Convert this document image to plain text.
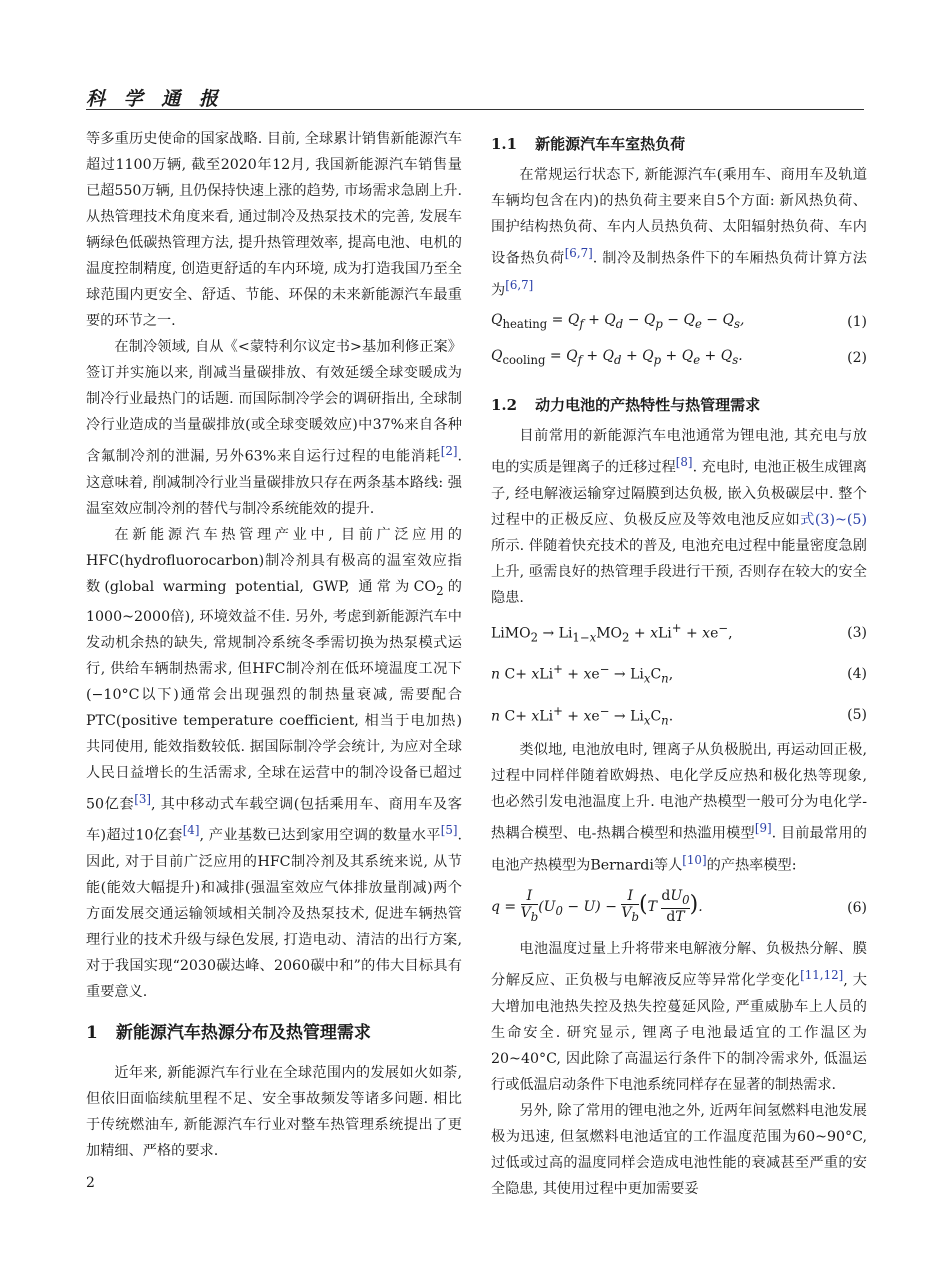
科 学 通 报

等多重历史使命的国家战略. 目前, 全球累计销售新能源汽车超过1100万辆, 截至2020年12月, 我国新能源汽车销售量已超550万辆, 且仍保持快速上涨的趋势, 市场需求急剧上升. 从热管理技术角度来看, 通过制冷及热泵技术的完善, 发展车辆绿色低碳热管理方法, 提升热管理效率, 提高电池、电机的温度控制精度, 创造更舒适的车内环境, 成为打造我国乃至全球范围内更安全、舒适、节能、环保的未来新能源汽车最重要的环节之一.

在制冷领域, 自从《<蒙特利尔议定书>基加利修正案》签订并实施以来, 削减当量碳排放、有效延缓全球变暖成为制冷行业最热门的话题. 而国际制冷学会的调研指出, 全球制冷行业造成的当量碳排放(或全球变暖效应)中37%来自各种含氟制冷剂的泄漏, 另外63%来自运行过程的电能消耗[2]. 这意味着, 削减制冷行业当量碳排放只存在两条基本路线: 强温室效应制冷剂的替代与制冷系统能效的提升.

在新能源汽车热管理产业中, 目前广泛应用的HFC(hydrofluorocarbon)制冷剂具有极高的温室效应指数(global warming potential, GWP, 通常为$CO_2$的1000~2000倍), 环境效益不佳. 另外, 考虑到新能源汽车中发动机余热的缺失, 常规制冷系统冬季需切换为热泵模式运行, 供给车辆制热需求, 但HFC制冷剂在低环境温度工况下(−10°C以下)通常会出现强烈的制热量衰减, 需要配合PTC(positive temperature coefficient, 相当于电加热)共同使用, 能效指数较低. 据国际制冷学会统计, 为应对全球人民日益增长的生活需求, 全球在运营中的制冷设备已超过50亿套[3], 其中移动式车载空调(包括乘用车、商用车及客车)超过10亿套[4], 产业基数已达到家用空调的数量水平[5]. 因此, 对于目前广泛应用的HFC制冷剂及其系统来说, 从节能(能效大幅提升)和减排(强温室效应气体排放量削减)两个方面发展交通运输领域相关制冷及热泵技术, 促进车辆热管理行业的技术升级与绿色发展, 打造电动、清洁的出行方案, 对于我国实现“2030碳达峰、2060碳中和”的伟大目标具有重要意义.

1 新能源汽车热源分布及热管理需求

近年来, 新能源汽车行业在全球范围内的发展如火如荼, 但依旧面临续航里程不足、安全事故频发等诸多问题. 相比于传统燃油车, 新能源汽车行业对整车热管理系统提出了更加精细、严格的要求.

1.1 新能源汽车车室热负荷

在常规运行状态下, 新能源汽车(乘用车、商用车及轨道车辆均包含在内)的热负荷主要来自5个方面: 新风热负荷、围护结构热负荷、车内人员热负荷、太阳辐射热负荷、车内设备热负荷[6,7]. 制冷及制热条件下的车厢热负荷计算方法为[6,7]

$Q_{heating} = Q_f + Q_d - Q_p - Q_e - Q_s$,	(1)
$Q_{cooling} = Q_f + Q_d + Q_p + Q_e + Q_s$.	(2)
1.2 动力电池的产热特性与热管理需求

目前常用的新能源汽车电池通常为锂电池, 其充电与放电的实质是锂离子的迁移过程[8]. 充电时, 电池正极生成锂离子, 经电解液运输穿过隔膜到达负极, 嵌入负极碳层中. 整个过程中的正极反应、负极反应及等效电池反应如式(3)~(5)所示. 伴随着快充技术的普及, 电池充电过程中能量密度急剧上升, 亟需良好的热管理手段进行干预, 否则存在较大的安全隐患.

LiMO$_2$ → $Li_{1-x}MO_2 + xLi^+ + xe^-$,	(3)
n $C+ xLi^+ + xe^- \to Li_xC_n$,	(4)
n $C+ xLi^+ + xe^- \to Li_xC_n$.	(5)

类似地, 电池放电时, 锂离子从负极脱出, 再运动回正极, 过程中同样伴随着欧姆热、电化学反应热和极化热等现象, 也必然引发电池温度上升. 电池产热模型一般可分为电化学-热耦合模型、电-热耦合模型和热滥用模型[9]. 目前最常用的电池产热模型为Bernardi等人[10]的产热率模型:

$q = \frac{I}{V_b} (U_0 - U) - \frac{I}{V_b} (T \frac{dU_0}{dT}$ ).	(6)

电池温度过量上升将带来电解液分解、负极热分解、膜分解反应、正负极与电解液反应等异常化学变化[11,12], 大大增加电池热失控及热失控蔓延风险, 严重威胁车上人员的生命安全. 研究显示, 锂离子电池最适宜的工作温区为20~40°C, 因此除了高温运行条件下的制冷需求外, 低温运行或低温启动条件下电池系统同样存在显著的制热需求.

另外, 除了常用的锂电池之外, 近两年间氢燃料电池发展极为迅速, 但氢燃料电池适宜的工作温度范围为60~90°C, 过低或过高的温度同样会造成电池性能的衰减甚至严重的安全隐患, 其使用过程中更加需要妥

2
